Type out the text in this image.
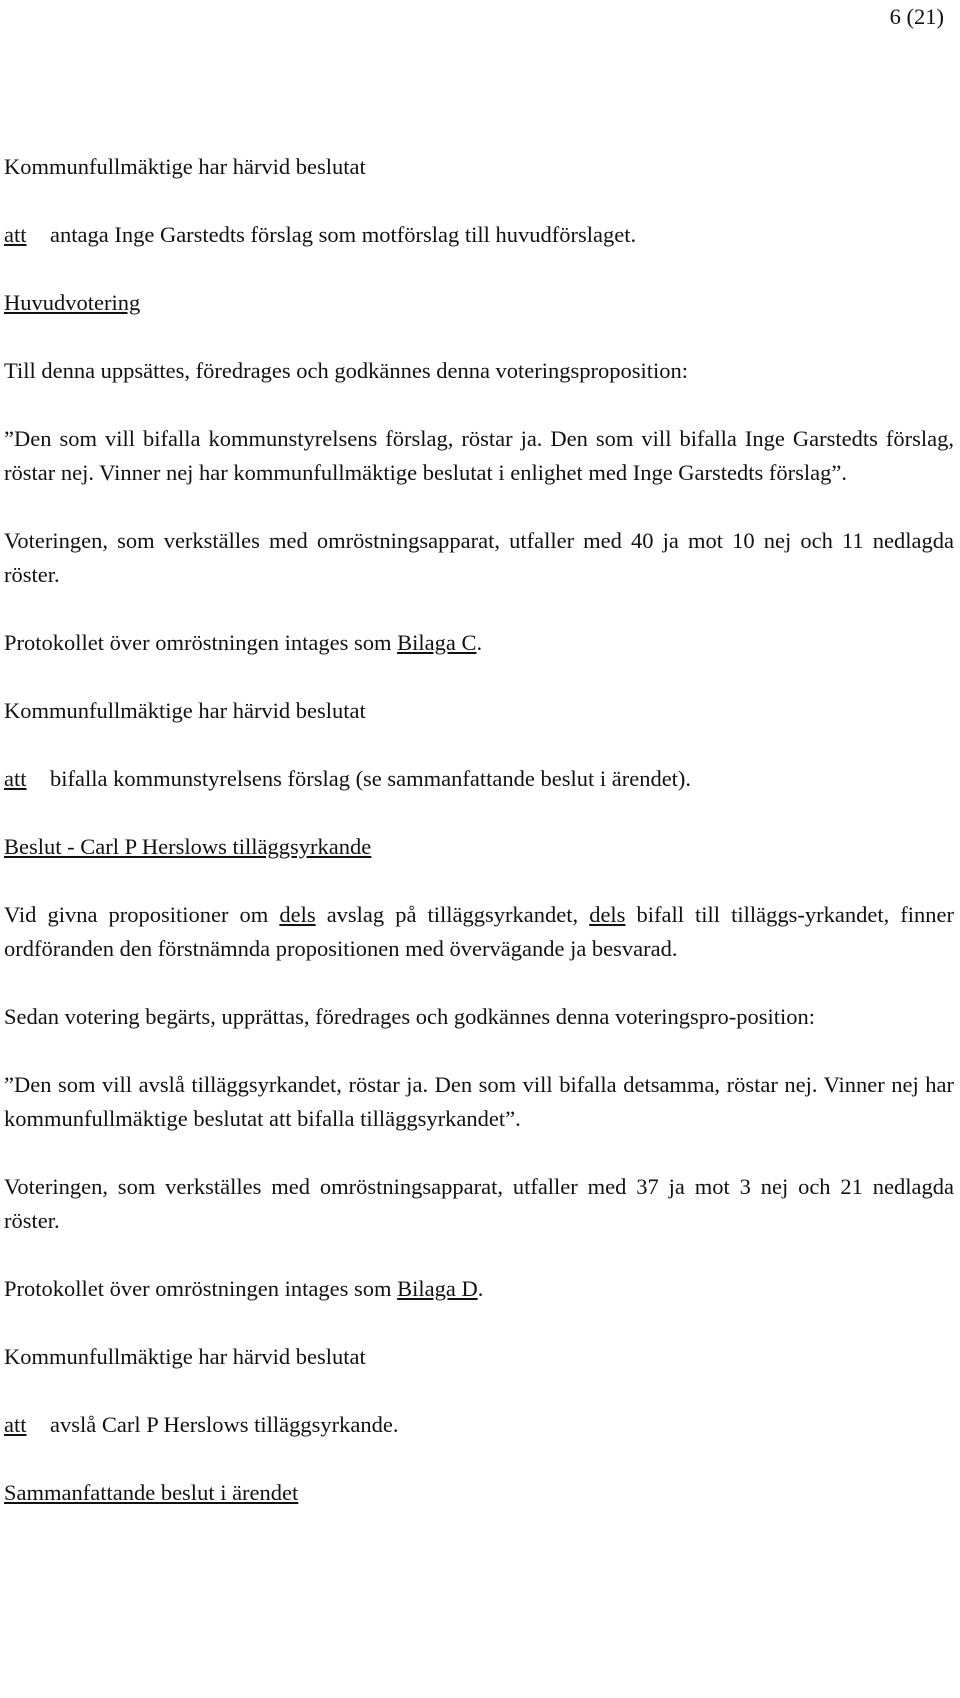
6 (21)

Kommunfullmäktige har härvid beslutat

att	antaga Inge Garstedts förslag som motförslag till huvudförslaget.

Huvudvotering

Till denna uppsättes, föredrages och godkännes denna voteringsproposition:

”Den som vill bifalla kommunstyrelsens förslag, röstar ja. Den som vill bifalla Inge Garstedts förslag, röstar nej. Vinner nej har kommunfullmäktige beslutat i enlighet med Inge Garstedts förslag”.

Voteringen, som verkställes med omröstningsapparat, utfaller med 40 ja mot 10 nej och 11 nedlagda röster.

Protokollet över omröstningen intages som Bilaga C.

Kommunfullmäktige har härvid beslutat

att	bifalla kommunstyrelsens förslag (se sammanfattande beslut i ärendet).

Beslut - Carl P Herslows tilläggsyrkande

Vid givna propositioner om dels avslag på tilläggsyrkandet, dels bifall till tilläggs-yrkandet, finner ordföranden den förstnämnda propositionen med övervägande ja besvarad.

Sedan votering begärts, upprättas, föredrages och godkännes denna voteringspro-position:

”Den som vill avslå tilläggsyrkandet, röstar ja. Den som vill bifalla detsamma, röstar nej. Vinner nej har kommunfullmäktige beslutat att bifalla tilläggsyrkandet”.

Voteringen, som verkställes med omröstningsapparat, utfaller med 37 ja mot 3 nej och 21 nedlagda röster.

Protokollet över omröstningen intages som Bilaga D.

Kommunfullmäktige har härvid beslutat

att	avslå Carl P Herslows tilläggsyrkande.

Sammanfattande beslut i ärendet
